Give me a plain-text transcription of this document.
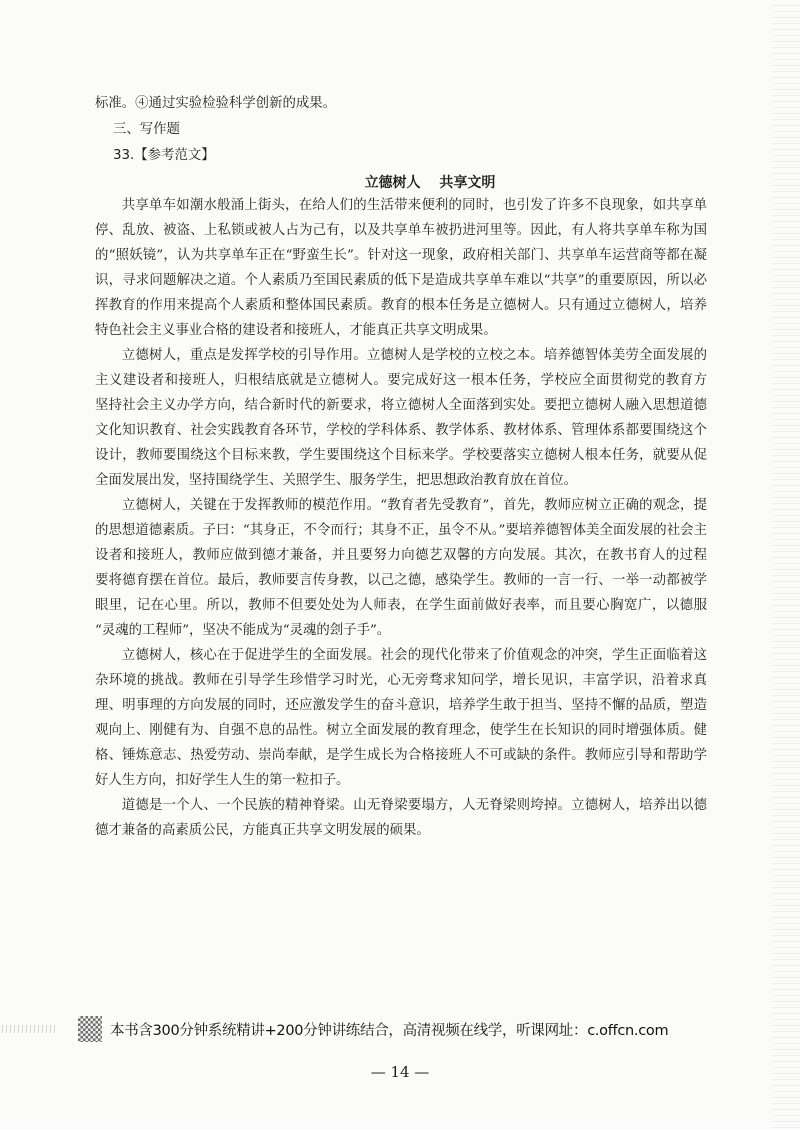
标准。④通过实验检验科学创新的成果。
三、写作题
33.【参考范文】
立德树人 共享文明
共享单车如潮水般涌上街头，在给人们的生活带来便利的同时，也引发了许多不良现象，如共享单
停、乱放、被盗、上私锁或被人占为己有，以及共享单车被扔进河里等。因此，有人将共享单车称为国
的“照妖镜”，认为共享单车正在“野蛮生长”。针对这一现象，政府相关部门、共享单车运营商等都在凝
识，寻求问题解决之道。个人素质乃至国民素质的低下是造成共享单车难以“共享”的重要原因，所以必
挥教育的作用来提高个人素质和整体国民素质。教育的根本任务是立德树人。只有通过立德树人，培养
特色社会主义事业合格的建设者和接班人，才能真正共享文明成果。
立德树人，重点是发挥学校的引导作用。立德树人是学校的立校之本。培养德智体美劳全面发展的
主义建设者和接班人，归根结底就是立德树人。要完成好这一根本任务，学校应全面贯彻党的教育方
坚持社会主义办学方向，结合新时代的新要求，将立德树人全面落到实处。要把立德树人融入思想道德
文化知识教育、社会实践教育各环节，学校的学科体系、教学体系、教材体系、管理体系都要围绕这个
设计，教师要围绕这个目标来教，学生要围绕这个目标来学。学校要落实立德树人根本任务，就要从促
全面发展出发，坚持围绕学生、关照学生、服务学生，把思想政治教育放在首位。
立德树人，关键在于发挥教师的模范作用。“教育者先受教育”，首先，教师应树立正确的观念，提
的思想道德素质。子曰：“其身正，不令而行；其身不正，虽令不从。”要培养德智体美全面发展的社会主
设者和接班人，教师应做到德才兼备，并且要努力向德艺双馨的方向发展。其次，在教书育人的过程
要将德育摆在首位。最后，教师要言传身教，以己之德，感染学生。教师的一言一行、一举一动都被学
眼里，记在心里。所以，教师不但要处处为人师表，在学生面前做好表率，而且要心胸宽广，以德服
“灵魂的工程师”，坚决不能成为“灵魂的刽子手”。
立德树人，核心在于促进学生的全面发展。社会的现代化带来了价值观念的冲突，学生正面临着这
杂环境的挑战。教师在引导学生珍惜学习时光，心无旁骛求知问学，增长见识，丰富学识，沿着求真
理、明事理的方向发展的同时，还应激发学生的奋斗意识，培养学生敢于担当、坚持不懈的品质，塑造
观向上、刚健有为、自强不息的品性。树立全面发展的教育理念，使学生在长知识的同时增强体质。健
格、锤炼意志、热爱劳动、崇尚奉献，是学生成长为合格接班人不可或缺的条件。教师应引导和帮助学
好人生方向，扣好学生人生的第一粒扣子。
道德是一个人、一个民族的精神脊梁。山无脊梁要塌方，人无脊梁则垮掉。立德树人，培养出以德
德才兼备的高素质公民，方能真正共享文明发展的硕果。
本书含300分钟系统精讲+200分钟讲练结合，高清视频在线学，听课网址：c.offcn.com
— 14 —
